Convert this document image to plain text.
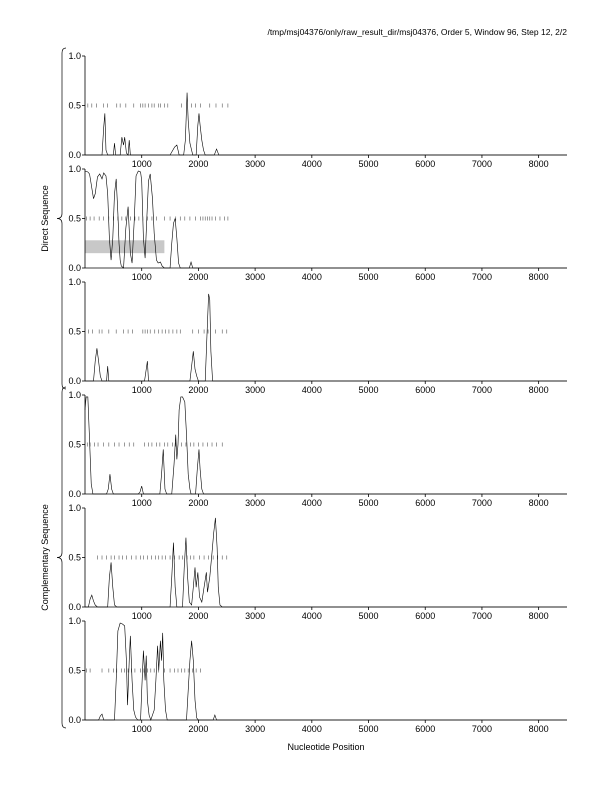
/tmp/msj04376/only/raw_result_dir/msj04376, Order 5, Window 96, Step 12, 2/2
0.0
0.5
1.0
1000	2000	3000	4000	5000	6000	7000	8000
0.0
0.5
1.0
1000	2000	3000	4000	5000	6000	7000	8000
0.0
0.5
1.0
1000	2000	3000	4000	5000	6000	7000	8000
0.0
0.5
1.0
1000	2000	3000	4000	5000	6000	7000	8000
0.0
0.5
1.0
1000	2000	3000	4000	5000	6000	7000	8000
0.0
0.5
1.0
1000	2000	3000	4000	5000	6000	7000	8000
Direct Sequence
Complementary Sequence
Nucleotide Position
